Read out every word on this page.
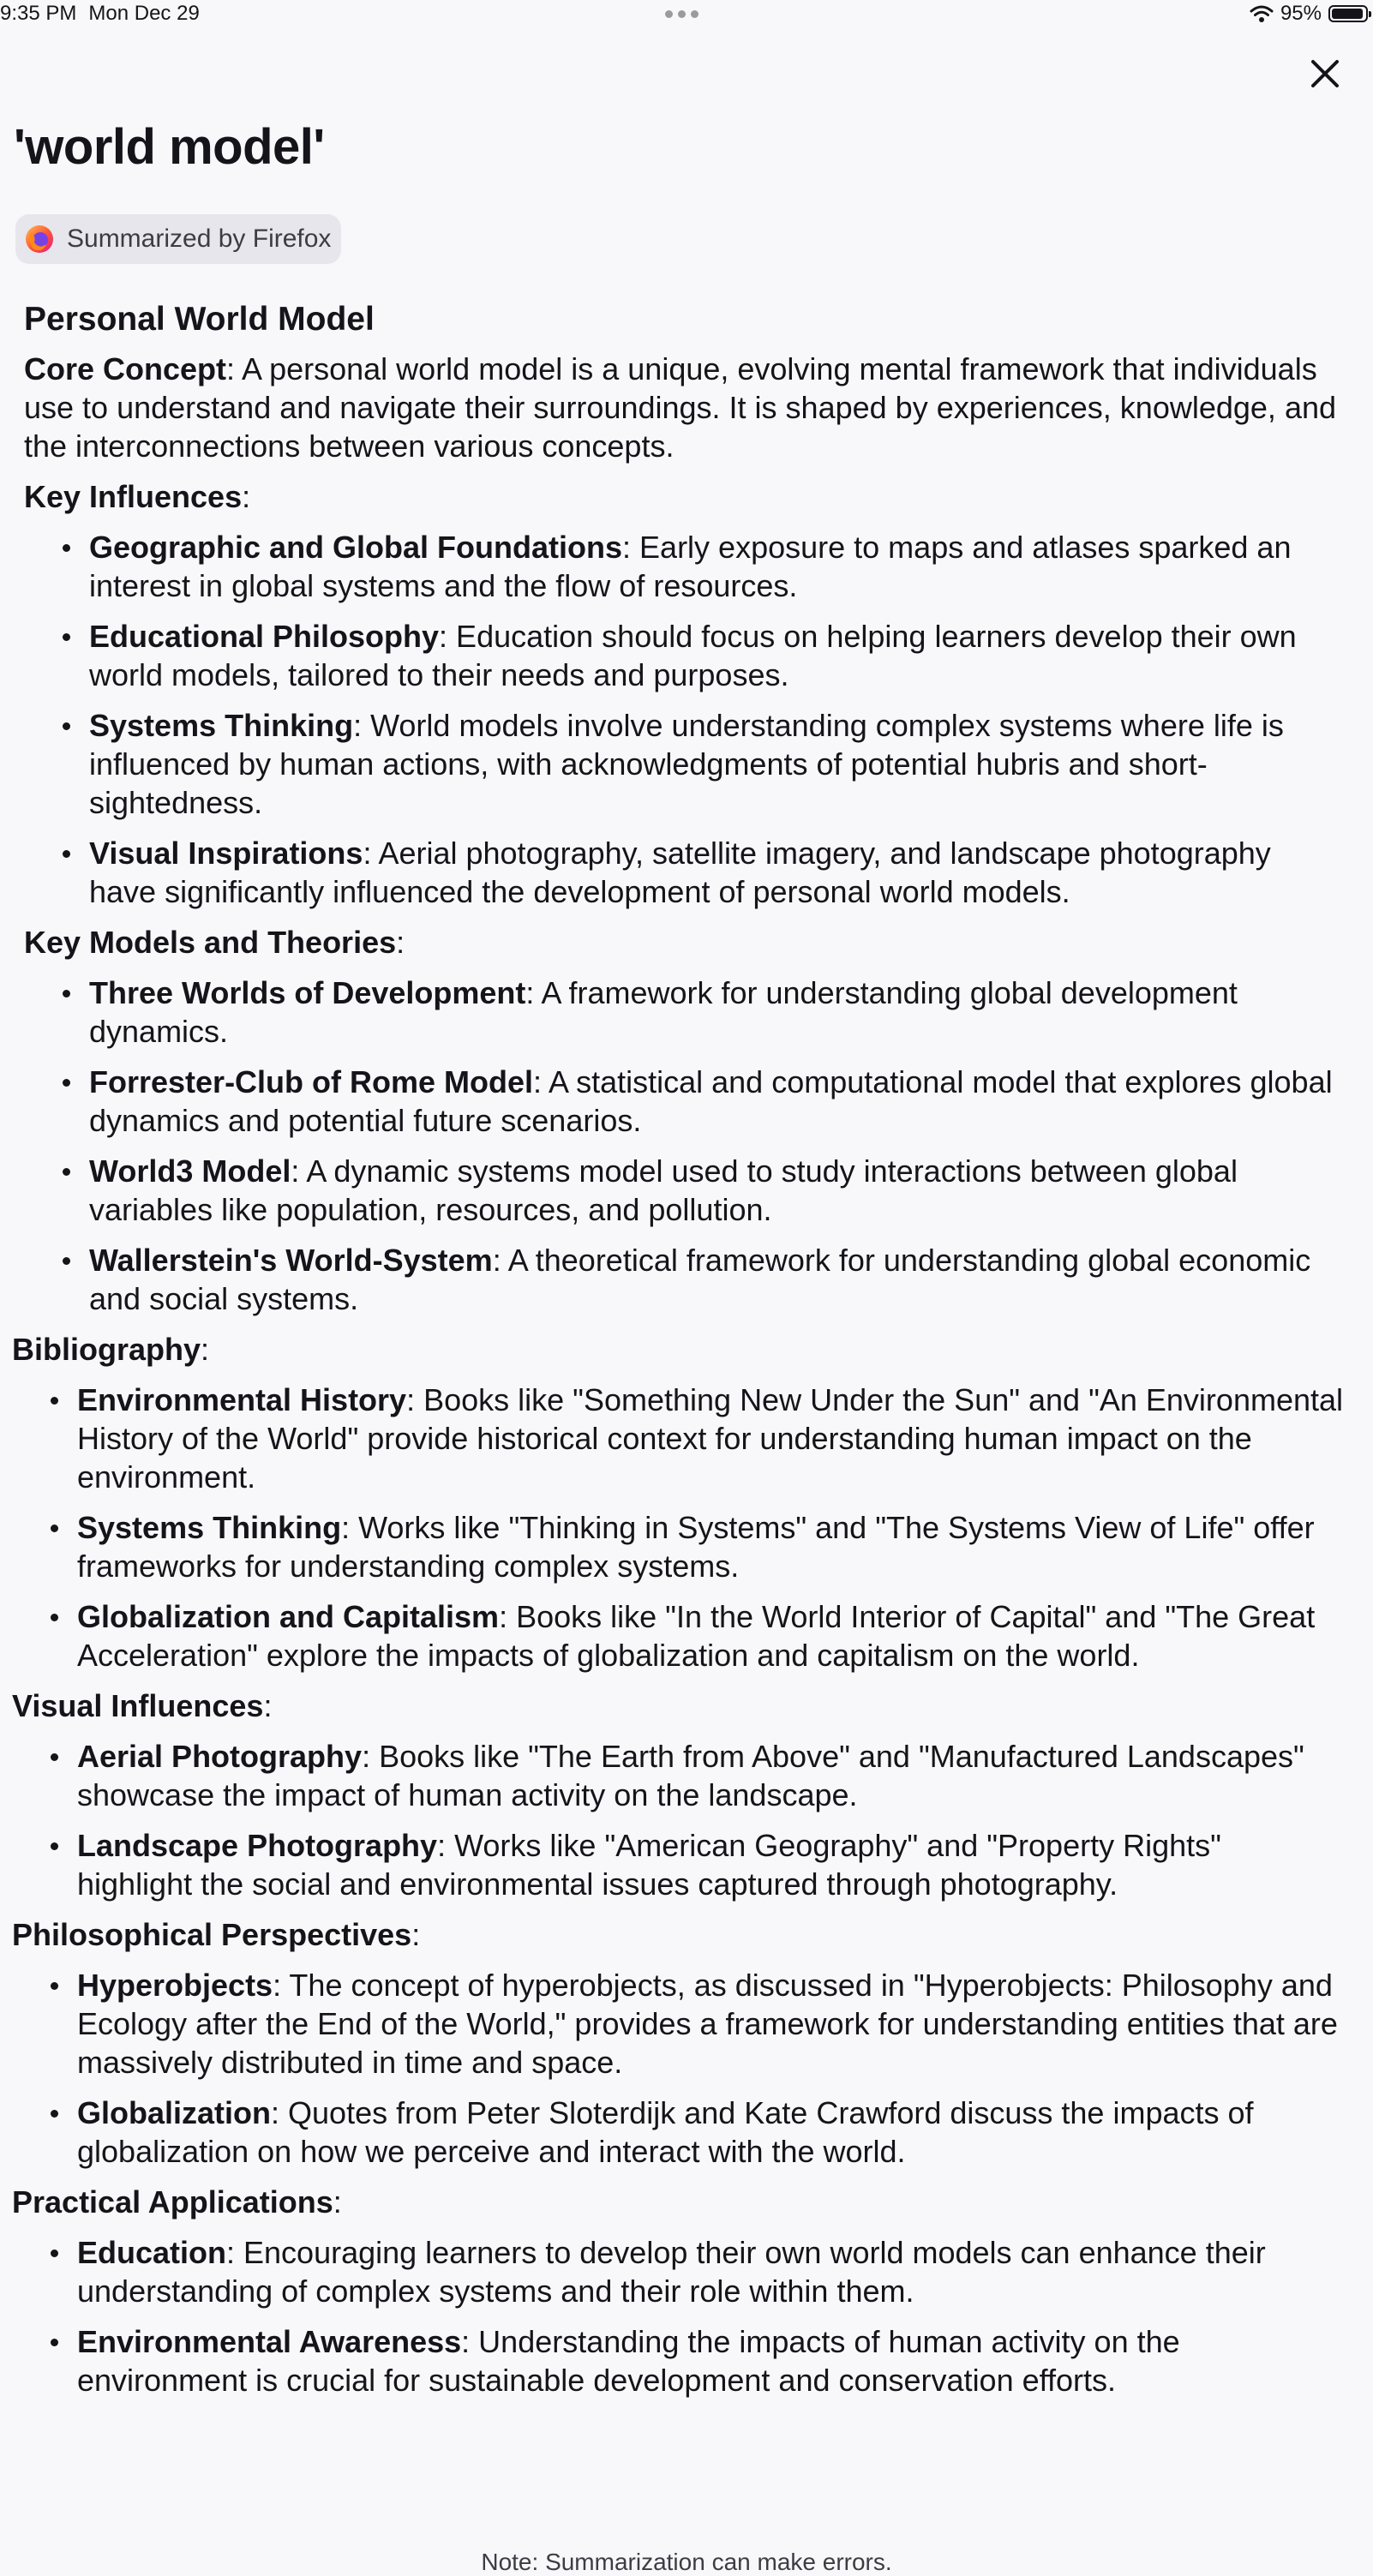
9:35 PM Mon Dec 29	95%
'world model'
Summarized by Firefox
Personal World Model

Core Concept: A personal world model is a unique, evolving mental framework that individuals use to understand and navigate their surroundings. It is shaped by experiences, knowledge, and the interconnections between various concepts.

Key Influences:

Geographic and Global Foundations: Early exposure to maps and atlases sparked an interest in global systems and the flow of resources.
Educational Philosophy: Education should focus on helping learners develop their own world models, tailored to their needs and purposes.
Systems Thinking: World models involve understanding complex systems where life is influenced by human actions, with acknowledgments of potential hubris and short-sightedness.
Visual Inspirations: Aerial photography, satellite imagery, and landscape photography have significantly influenced the development of personal world models.

Key Models and Theories:

Three Worlds of Development: A framework for understanding global development dynamics.
Forrester-Club of Rome Model: A statistical and computational model that explores global dynamics and potential future scenarios.
World3 Model: A dynamic systems model used to study interactions between global variables like population, resources, and pollution.
Wallerstein's World-System: A theoretical framework for understanding global economic and social systems.

Bibliography:

Environmental History: Books like "Something New Under the Sun" and "An Environmental History of the World" provide historical context for understanding human impact on the environment.
Systems Thinking: Works like "Thinking in Systems" and "The Systems View of Life" offer frameworks for understanding complex systems.
Globalization and Capitalism: Books like "In the World Interior of Capital" and "The Great Acceleration" explore the impacts of globalization and capitalism on the world.

Visual Influences:

Aerial Photography: Books like "The Earth from Above" and "Manufactured Landscapes" showcase the impact of human activity on the landscape.
Landscape Photography: Works like "American Geography" and "Property Rights" highlight the social and environmental issues captured through photography.

Philosophical Perspectives:

Hyperobjects: The concept of hyperobjects, as discussed in "Hyperobjects: Philosophy and Ecology after the End of the World," provides a framework for understanding entities that are massively distributed in time and space.
Globalization: Quotes from Peter Sloterdijk and Kate Crawford discuss the impacts of globalization on how we perceive and interact with the world.

Practical Applications:

Education: Encouraging learners to develop their own world models can enhance their understanding of complex systems and their role within them.
Environmental Awareness: Understanding the impacts of human activity on the environment is crucial for sustainable development and conservation efforts.
Note: Summarization can make errors.
